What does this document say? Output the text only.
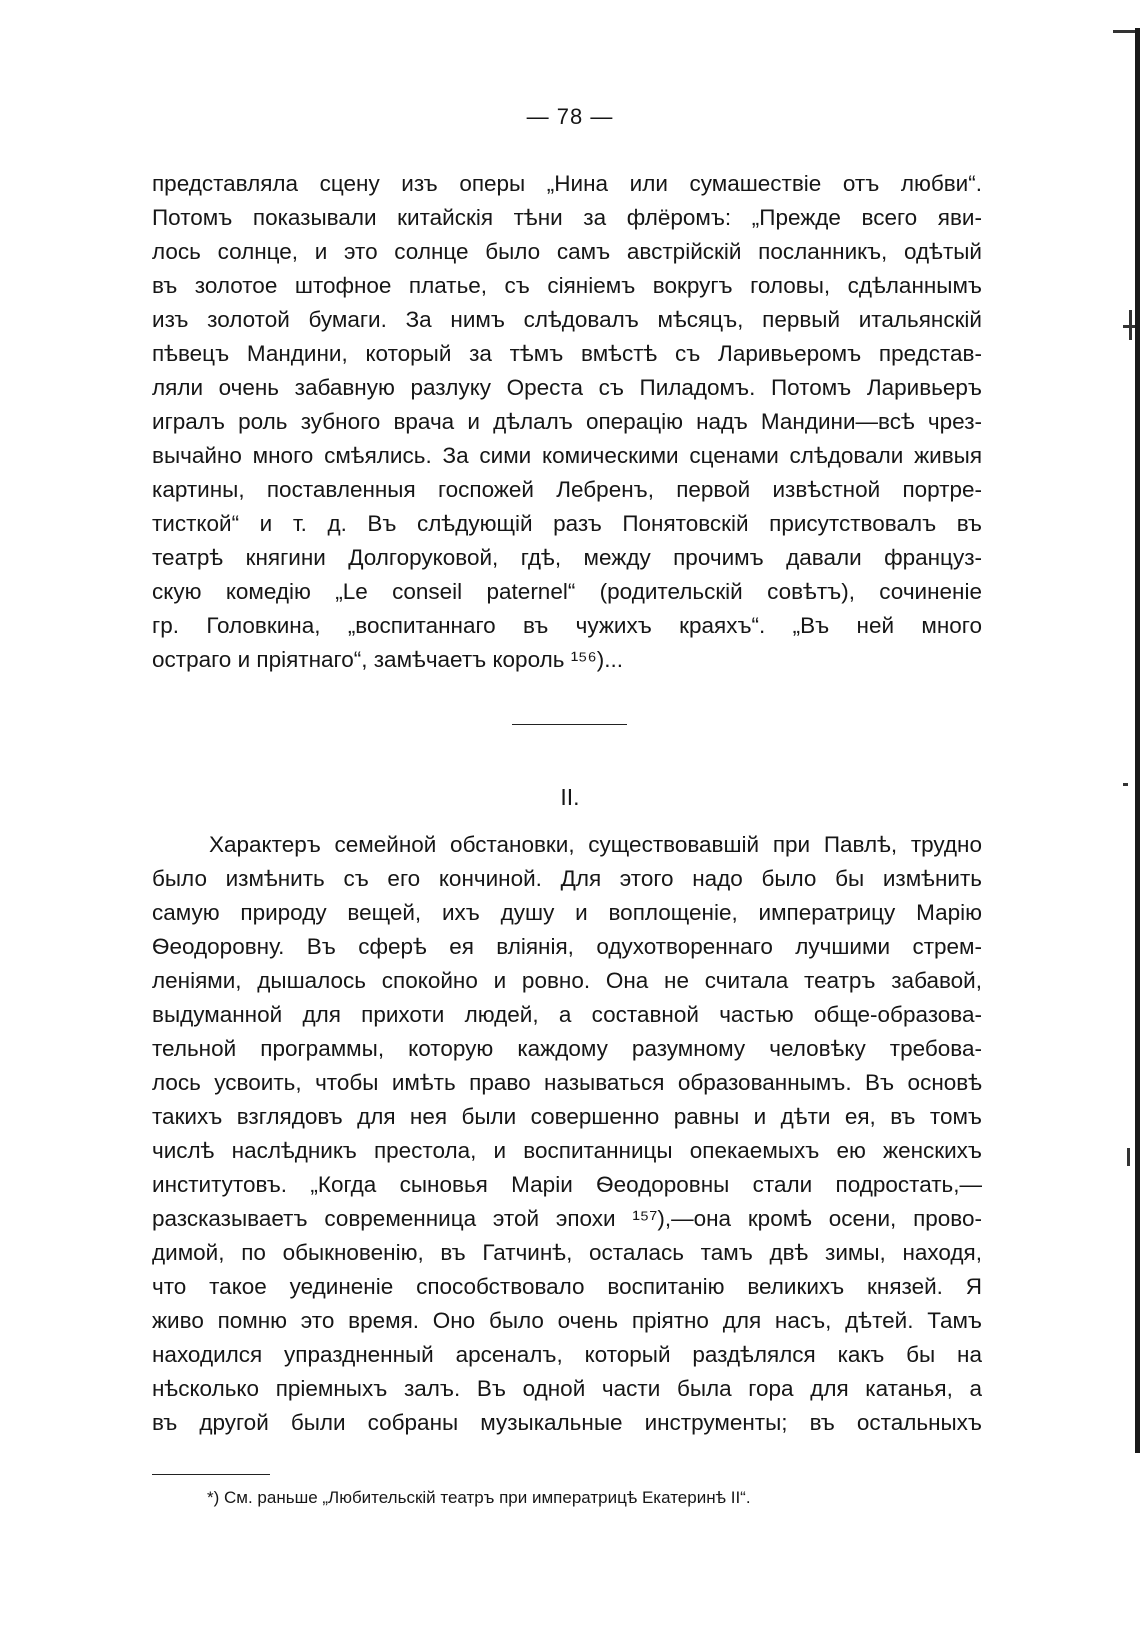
— 78 —
представляла сцену изъ оперы „Нина или сумашествіе отъ любви“.
Потомъ показывали китайскія тѣни за флёромъ: „Прежде всего яви-
лось солнце, и это солнце было самъ австрійскій посланникъ, одѣтый
въ золотое штофное платье, съ сіяніемъ вокругъ головы, сдѣланнымъ
изъ золотой бумаги. За нимъ слѣдовалъ мѣсяцъ, первый итальянскій
пѣвецъ Мандини, который за тѣмъ вмѣстѣ съ Ларивьеромъ представ-
ляли очень забавную разлуку Ореста съ Пиладомъ. Потомъ Ларивьеръ
игралъ роль зубного врача и дѣлалъ операцію надъ Мандини—всѣ чрез-
вычайно много смѣялись. За сими комическими сценами слѣдовали живыя
картины, поставленныя госпожей Лебренъ, первой извѣстной портре-
тисткой“ и т. д. Въ слѣдующій разъ Понятовскій присутствовалъ въ
театрѣ княгини Долгоруковой, гдѣ, между прочимъ давали француз-
скую комедію „Le conseil paternel“ (родительскій совѣтъ), сочиненіе
гр. Головкина, „воспитаннаго въ чужихъ краяхъ“. „Въ ней много
остраго и пріятнаго“, замѣчаетъ король ¹⁵⁶)...
II.
Характеръ семейной обстановки, существовавшій при Павлѣ, трудно
было измѣнить съ его кончиной. Для этого надо было бы измѣнить
самую природу вещей, ихъ душу и воплощеніе, императрицу Марію
Ѳеодоровну. Въ сферѣ ея вліянія, одухотвореннаго лучшими стрем-
леніями, дышалось спокойно и ровно. Она не считала театръ забавой,
выдуманной для прихоти людей, а составной частью обще-образова-
тельной программы, которую каждому разумному человѣку требова-
лось усвоить, чтобы имѣть право называться образованнымъ. Въ основѣ
такихъ взглядовъ для нея были совершенно равны и дѣти ея, въ томъ
числѣ наслѣдникъ престола, и воспитанницы опекаемыхъ ею женскихъ
институтовъ. „Когда сыновья Маріи Ѳеодоровны стали подростать,—
разсказываетъ современница этой эпохи ¹⁵⁷),—она кромѣ осени, прово-
димой, по обыкновенію, въ Гатчинѣ, осталась тамъ двѣ зимы, находя,
что такое уединеніе способствовало воспитанію великихъ князей. Я
живо помню это время. Оно было очень пріятно для насъ, дѣтей. Тамъ
находился упраздненный арсеналъ, который раздѣлялся какъ бы на
нѣсколько пріемныхъ залъ. Въ одной части была гора для катанья, а
въ другой были собраны музыкальные инструменты; въ остальныхъ
*) См. раньше „Любительскій театръ при императрицѣ Екатеринѣ II“.
